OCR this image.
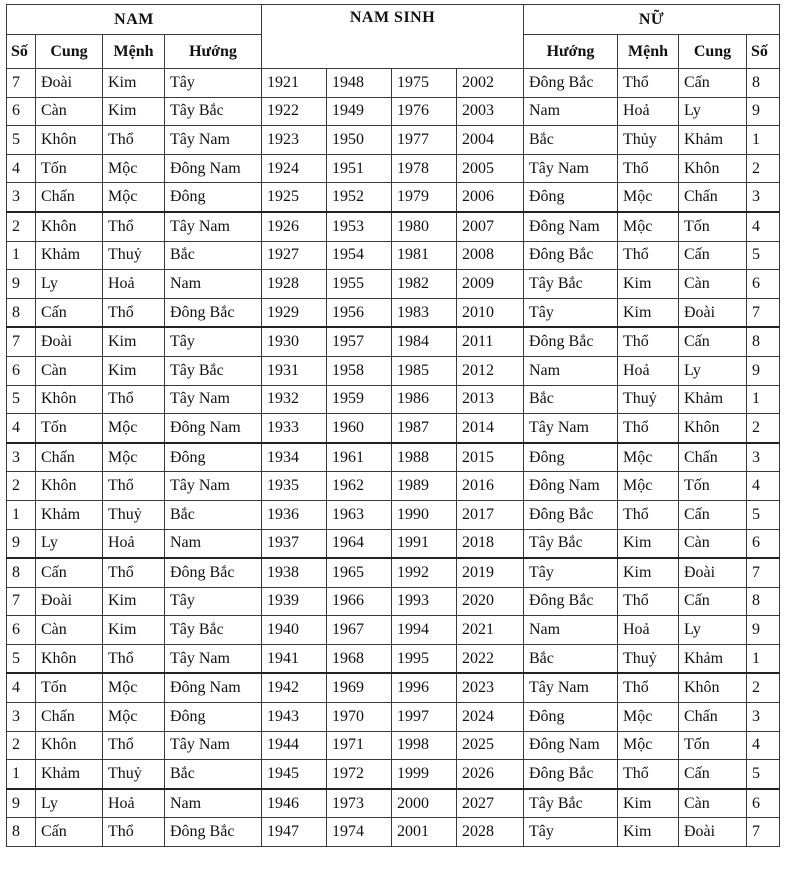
NAM				NAM SINH				NỮ			
Số	Cung	Mệnh	Hướng					Hướng	Mệnh	Cung	Số
7	Đoài	Kim	Tây	1921	1948	1975	2002	Đông Bắc	Thổ	Cấn	8
6	Càn	Kim	Tây Bắc	1922	1949	1976	2003	Nam	Hoả	Ly	9
5	Khôn	Thổ	Tây Nam	1923	1950	1977	2004	Bắc	Thủy	Khảm	1
4	Tốn	Mộc	Đông Nam	1924	1951	1978	2005	Tây Nam	Thổ	Khôn	2
3	Chấn	Mộc	Đông	1925	1952	1979	2006	Đông	Mộc	Chấn	3
2	Khôn	Thổ	Tây Nam	1926	1953	1980	2007	Đông Nam	Mộc	Tốn	4
1	Khảm	Thuỷ	Bắc	1927	1954	1981	2008	Đông Bắc	Thổ	Cấn	5
9	Ly	Hoả	Nam	1928	1955	1982	2009	Tây Bắc	Kim	Càn	6
8	Cấn	Thổ	Đông Bắc	1929	1956	1983	2010	Tây	Kim	Đoài	7
7	Đoài	Kim	Tây	1930	1957	1984	2011	Đông Bắc	Thổ	Cấn	8
6	Càn	Kim	Tây Bắc	1931	1958	1985	2012	Nam	Hoả	Ly	9
5	Khôn	Thổ	Tây Nam	1932	1959	1986	2013	Bắc	Thuỷ	Khảm	1
4	Tốn	Mộc	Đông Nam	1933	1960	1987	2014	Tây Nam	Thổ	Khôn	2
3	Chấn	Mộc	Đông	1934	1961	1988	2015	Đông	Mộc	Chấn	3
2	Khôn	Thổ	Tây Nam	1935	1962	1989	2016	Đông Nam	Mộc	Tốn	4
1	Khảm	Thuỷ	Bắc	1936	1963	1990	2017	Đông Bắc	Thổ	Cấn	5
9	Ly	Hoả	Nam	1937	1964	1991	2018	Tây Bắc	Kim	Càn	6
8	Cấn	Thổ	Đông Bắc	1938	1965	1992	2019	Tây	Kim	Đoài	7
7	Đoài	Kim	Tây	1939	1966	1993	2020	Đông Bắc	Thổ	Cấn	8
6	Càn	Kim	Tây Bắc	1940	1967	1994	2021	Nam	Hoả	Ly	9
5	Khôn	Thổ	Tây Nam	1941	1968	1995	2022	Bắc	Thuỷ	Khảm	1
4	Tốn	Mộc	Đông Nam	1942	1969	1996	2023	Tây Nam	Thổ	Khôn	2
3	Chấn	Mộc	Đông	1943	1970	1997	2024	Đông	Mộc	Chấn	3
2	Khôn	Thổ	Tây Nam	1944	1971	1998	2025	Đông Nam	Mộc	Tốn	4
1	Khảm	Thuỷ	Bắc	1945	1972	1999	2026	Đông Bắc	Thổ	Cấn	5
9	Ly	Hoả	Nam	1946	1973	2000	2027	Tây Bắc	Kim	Càn	6
8	Cấn	Thổ	Đông Bắc	1947	1974	2001	2028	Tây	Kim	Đoài	7
